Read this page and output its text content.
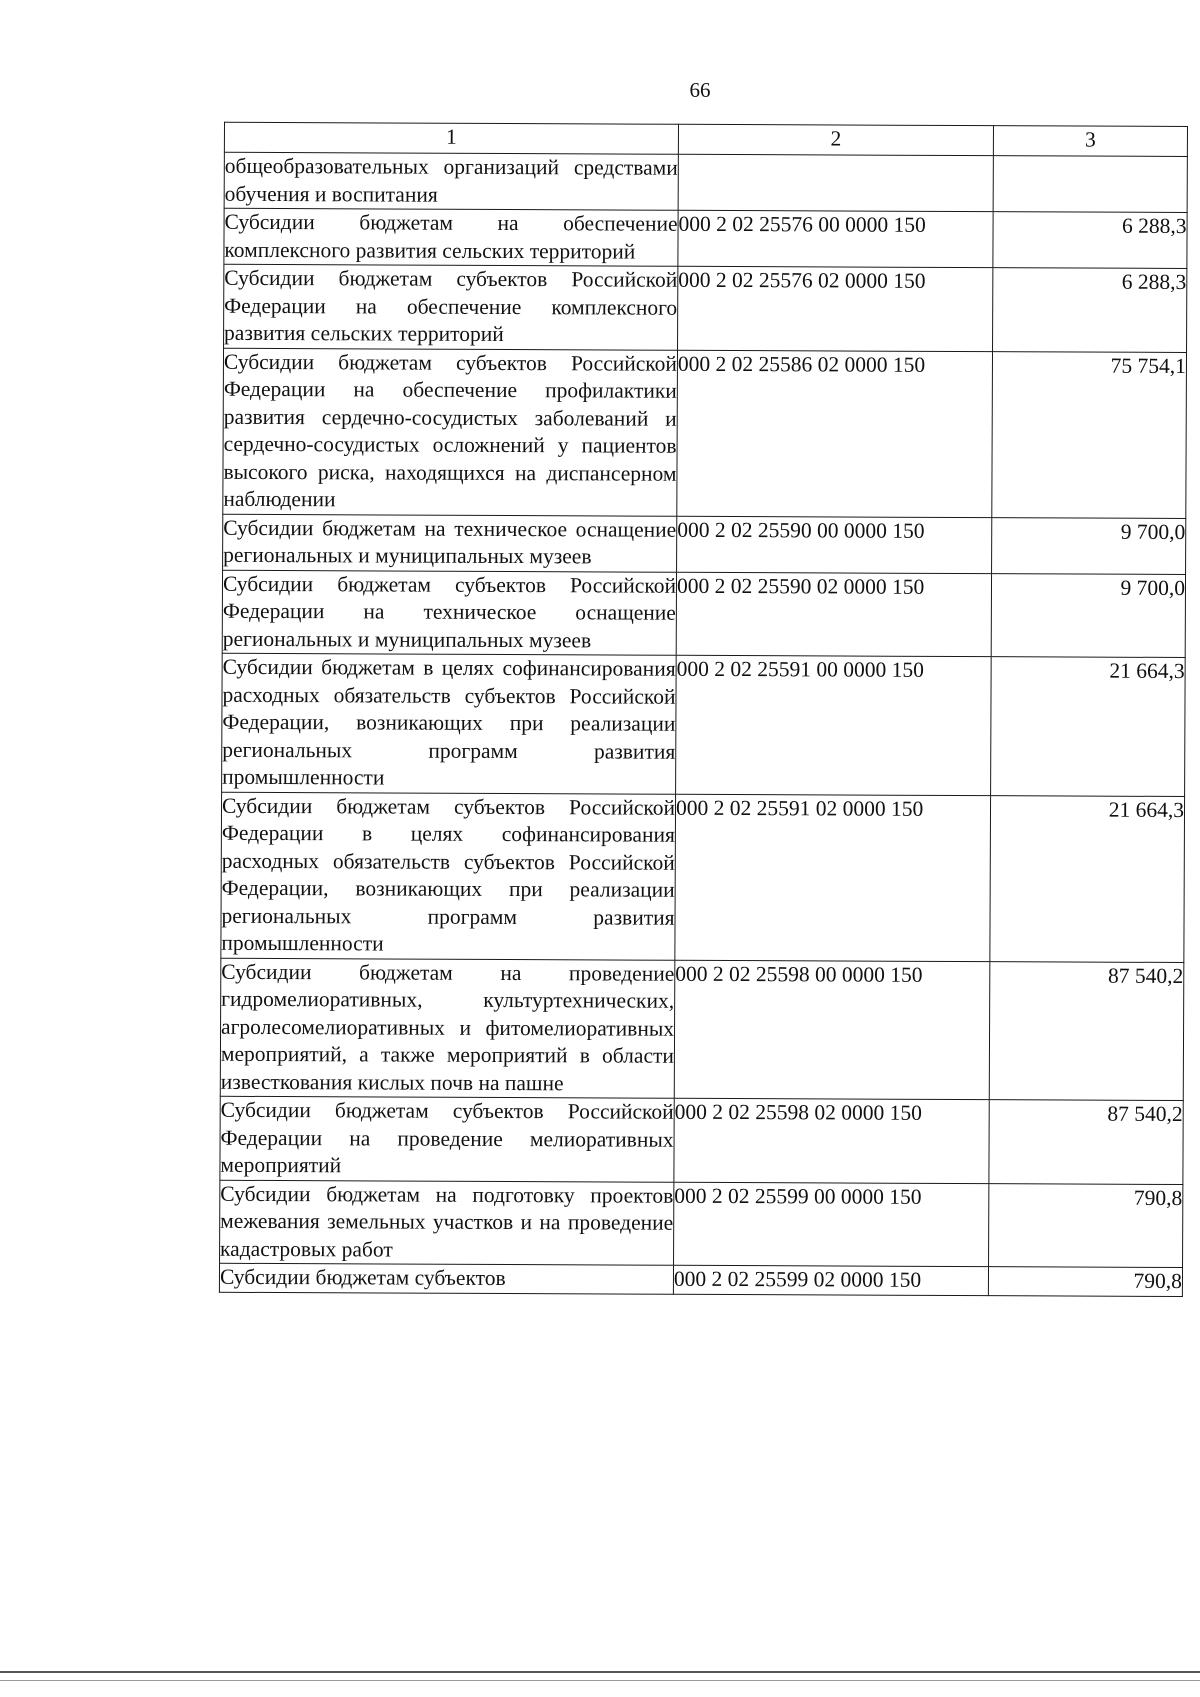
66
1	2	3
общеобразовательных организаций средствами обучения и воспитания		
Субсидии бюджетам на обеспечение комплексного развития сельских территорий	000 2 02 25576 00 0000 150	6 288,3
Субсидии бюджетам субъектов Российской Федерации на обеспечение комплексного развития сельских территорий	000 2 02 25576 02 0000 150	6 288,3
Субсидии бюджетам субъектов Российской Федерации на обеспечение профилактики развития сердечно-сосудистых заболеваний и сердечно-сосудистых осложнений у пациентов высокого риска, находящихся на диспансерном наблюдении	000 2 02 25586 02 0000 150	75 754,1
Субсидии бюджетам на техническое оснащение региональных и муниципальных музеев	000 2 02 25590 00 0000 150	9 700,0
Субсидии бюджетам субъектов Российской Федерации на техническое оснащение региональных и муниципальных музеев	000 2 02 25590 02 0000 150	9 700,0
Субсидии бюджетам в целях софинансирования расходных обязательств субъектов Российской Федерации, возникающих при реализации региональных программ развития промышленности	000 2 02 25591 00 0000 150	21 664,3
Субсидии бюджетам субъектов Российской Федерации в целях софинансирования расходных обязательств субъектов Российской Федерации, возникающих при реализации региональных программ развития промышленности	000 2 02 25591 02 0000 150	21 664,3
Субсидии бюджетам на проведение гидромелиоративных, культуртехнических, агролесомелиоративных и фитомелиоративных мероприятий, а также мероприятий в области известкования кислых почв на пашне	000 2 02 25598 00 0000 150	87 540,2
Субсидии бюджетам субъектов Российской Федерации на проведение мелиоративных мероприятий	000 2 02 25598 02 0000 150	87 540,2
Субсидии бюджетам на подготовку проектов межевания земельных участков и на проведение кадастровых работ	000 2 02 25599 00 0000 150	790,8
Субсидии бюджетам субъектов	000 2 02 25599 02 0000 150	790,8
